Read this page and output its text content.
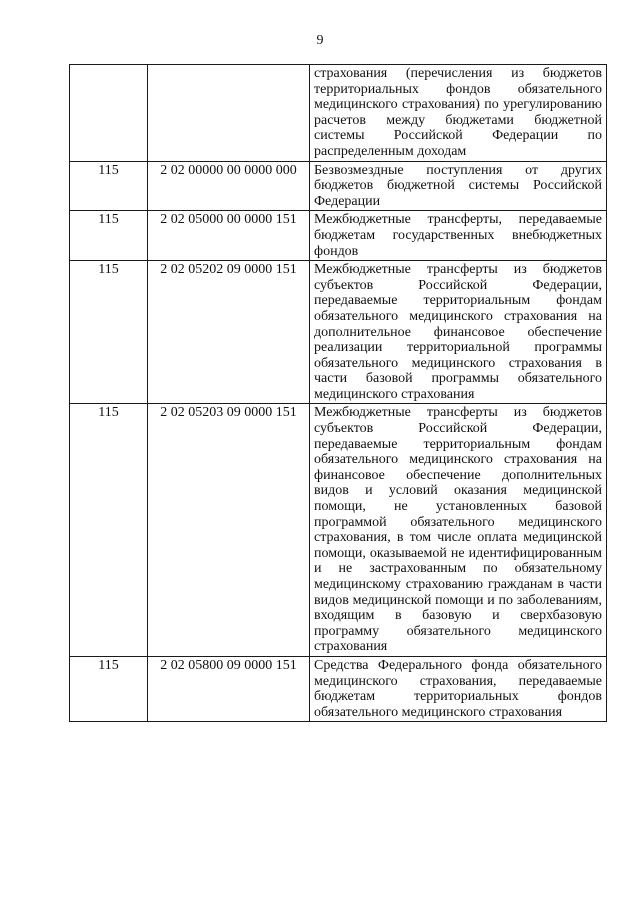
9
		страхования (перечисления из бюджетов территориальных фондов обязательного медицинского страхования) по урегулированию расчетов между бюджетами бюджетной системы Российской Федерации по распределенным доходам
115	2 02 00000 00 0000 000	Безвозмездные поступления от других бюджетов бюджетной системы Российской Федерации
115	2 02 05000 00 0000 151	Межбюджетные трансферты, передаваемые бюджетам государственных внебюджетных фондов
115	2 02 05202 09 0000 151	Межбюджетные трансферты из бюджетов субъектов Российской Федерации, передаваемые территориальным фондам обязательного медицинского страхования на дополнительное финансовое обеспечение реализации территориальной программы обязательного медицинского страхования в части базовой программы обязательного медицинского страхования
115	2 02 05203 09 0000 151	Межбюджетные трансферты из бюджетов субъектов Российской Федерации, передаваемые территориальным фондам обязательного медицинского страхования на финансовое обеспечение дополнительных видов и условий оказания медицинской помощи, не установленных базовой программой обязательного медицинского страхования, в том числе оплата медицинской помощи, оказываемой не идентифицированным и не застрахованным по обязательному медицинскому страхованию гражданам в части видов медицинской помощи и по заболеваниям, входящим в базовую и сверхбазовую программу обязательного медицинского страхования
115	2 02 05800 09 0000 151	Средства Федерального фонда обязательного медицинского страхования, передаваемые бюджетам территориальных фондов обязательного медицинского страхования
